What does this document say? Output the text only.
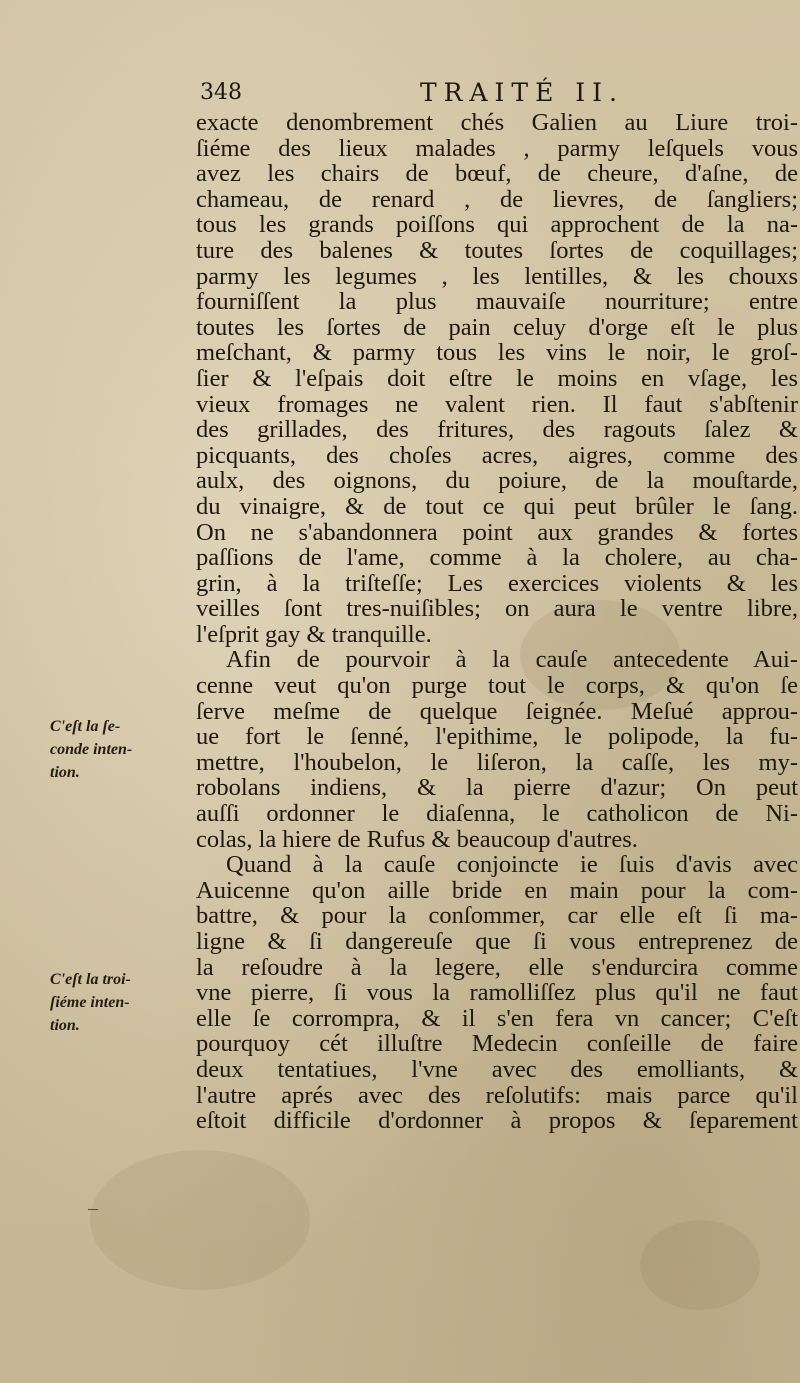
348	TRAITÉ II.
exacte denombrement chés Galien au Liure troi-
ſiéme des lieux malades , parmy leſquels vous
avez les chairs de bœuf, de cheure, d'aſne, de
chameau, de renard , de lievres, de ſangliers;
tous les grands poiſſons qui approchent de la na-
ture des balenes & toutes ſortes de coquillages;
parmy les legumes , les lentilles, & les chouxs
fourniſſent la plus mauvaiſe nourriture; entre
toutes les ſortes de pain celuy d'orge eſt le plus
meſchant, & parmy tous les vins le noir, le groſ-
ſier & l'eſpais doit eſtre le moins en vſage, les
vieux fromages ne valent rien. Il faut s'abſtenir
des grillades, des fritures, des ragouts ſalez &
picquants, des choſes acres, aigres, comme des
aulx, des oignons, du poiure, de la mouſtarde,
du vinaigre, & de tout ce qui peut brûler le ſang.
On ne s'abandonnera point aux grandes & fortes
paſſions de l'ame, comme à la cholere, au cha-
grin, à la triſteſſe; Les exercices violents & les
veilles ſont tres-nuiſibles; on aura le ventre libre,
l'eſprit gay & tranquille.
Afin de pourvoir à la cauſe antecedente Aui-
cenne veut qu'on purge tout le corps, & qu'on ſe
ſerve meſme de quelque ſeignée. Meſué approu-
ue fort le ſenné, l'epithime, le polipode, la fu-
mettre, l'houbelon, le liſeron, la caſſe, les my-
robolans indiens, & la pierre d'azur; On peut
auſſi ordonner le diaſenna, le catholicon de Ni-
colas, la hiere de Rufus & beaucoup d'autres.
Quand à la cauſe conjoincte ie ſuis d'avis avec
Auicenne qu'on aille bride en main pour la com-
battre, & pour la conſommer, car elle eſt ſi ma-
ligne & ſi dangereuſe que ſi vous entreprenez de
la reſoudre à la legere, elle s'endurcira comme
vne pierre, ſi vous la ramolliſſez plus qu'il ne faut
elle ſe corrompra, & il s'en fera vn cancer; C'eſt
pourquoy cét illuſtre Medecin conſeille de faire
deux tentatiues, l'vne avec des emolliants, &
l'autre aprés avec des reſolutifs: mais parce qu'il
eſtoit difficile d'ordonner à propos & ſeparement
C'eſt la ſe-
conde inten-
tion.
C'eſt la troi-
ſiéme inten-
tion.
